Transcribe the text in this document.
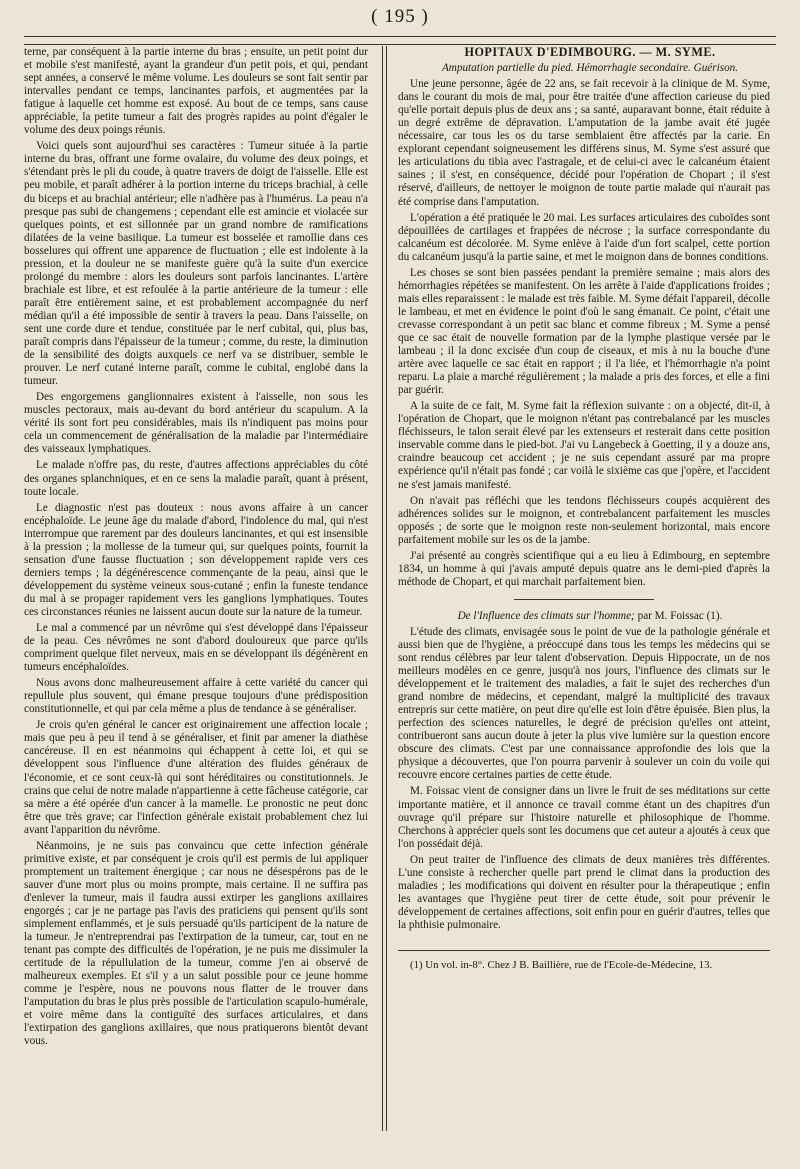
( 195 )

terne, par conséquent à la partie interne du bras ; ensuite, un petit point dur et mobile s'est manifesté, ayant la grandeur d'un petit pois, et qui, pendant sept années, a conservé le même volume. Les douleurs se sont fait sentir par intervalles pendant ce temps, lancinantes parfois, et augmentées par la fatigue à laquelle cet homme est exposé. Au bout de ce temps, sans cause appréciable, la petite tumeur a fait des progrès rapides au point d'égaler le volume des deux poings réunis.

Voici quels sont aujourd'hui ses caractères : Tumeur située à la partie interne du bras, offrant une forme ovalaire, du volume des deux poings, et s'étendant près le pli du coude, à quatre travers de doigt de l'aisselle. Elle est peu mobile, et paraît adhérer à la portion interne du triceps brachial, à celle du biceps et au brachial antérieur; elle n'adhère pas à l'humérus. La peau n'a presque pas subi de changemens ; cependant elle est amincie et violacée sur quelques points, et est sillonnée par un grand nombre de ramifications dilatées de la veine basilique. La tumeur est bosselée et ramollie dans ces bosselures qui offrent une apparence de fluctuation ; elle est indolente à la pression, et la douleur ne se manifeste guère qu'à la suite d'un exercice prolongé du membre : alors les douleurs sont parfois lancinantes. L'artère brachiale est libre, et est refoulée à la partie antérieure de la tumeur : elle paraît être entièrement saine, et est probablement accompagnée du nerf médian qu'il a été impossible de sentir à travers la peau. Dans l'aisselle, on sent une corde dure et tendue, constituée par le nerf cubital, qui, plus bas, paraît compris dans l'épaisseur de la tumeur ; comme, du reste, la diminution de la sensibilité des doigts auxquels ce nerf va se distribuer, semble le prouver. Le nerf cutané interne paraît, comme le cubital, englobé dans la tumeur.

Des engorgemens ganglionnaires existent à l'aisselle, non sous les muscles pectoraux, mais au-devant du bord antérieur du scapulum. A la vérité ils sont fort peu considérables, mais ils n'indiquent pas moins pour cela un commencement de généralisation de la maladie par l'intermédiaire des vaisseaux lymphatiques.

Le malade n'offre pas, du reste, d'autres affections appréciables du côté des organes splanchniques, et en ce sens la maladie paraît, quant à présent, toute locale.

Le diagnostic n'est pas douteux : nous avons affaire à un cancer encéphaloïde. Le jeune âge du malade d'abord, l'indolence du mal, qui n'est interrompue que rarement par des douleurs lancinantes, et qui est insensible à la pression ; la mollesse de la tumeur qui, sur quelques points, fournit la sensation d'une fausse fluctuation ; son développement rapide vers ces derniers temps ; la dégénérescence commençante de la peau, ainsi que le développement du système veineux sous-cutané ; enfin la funeste tendance du mal à se propager rapidement vers les ganglions lymphatiques. Toutes ces circonstances réunies ne laissent aucun doute sur la nature de la tumeur.

Le mal a commencé par un névrôme qui s'est développé dans l'épaisseur de la peau. Ces névrômes ne sont d'abord douloureux que parce qu'ils compriment quelque filet nerveux, mais en se développant ils dégénèrent en tumeurs encéphaloïdes.

Nous avons donc malheureusement affaire à cette variété du cancer qui repullule plus souvent, qui émane presque toujours d'une prédisposition constitutionnelle, et qui par cela même a plus de tendance à se généraliser.

Je crois qu'en général le cancer est originairement une affection locale ; mais que peu à peu il tend à se généraliser, et finit par amener la diathèse cancéreuse. Il en est néanmoins qui échappent à cette loi, et qui se développent sous l'influence d'une altération des fluides généraux de l'économie, et ce sont ceux-là qui sont héréditaires ou constitutionnels. Je crains que celui de notre malade n'appartienne à cette fâcheuse catégorie, car sa mère a été opérée d'un cancer à la mamelle. Le pronostic ne peut donc être que très grave; car l'infection générale existait probablement chez lui avant l'apparition du névrôme.

Néanmoins, je ne suis pas convaincu que cette infection générale primitive existe, et par conséquent je crois qu'il est permis de lui appliquer promptement un traitement énergique ; car nous ne désespérons pas de le sauver d'une mort plus ou moins prompte, mais certaine. Il ne suffira pas d'enlever la tumeur, mais il faudra aussi extirper les ganglions axillaires engorgés ; car je ne partage pas l'avis des praticiens qui pensent qu'ils sont simplement enflammés, et je suis persuadé qu'ils participent de la nature de la tumeur. Je n'entreprendrai pas l'extirpation de la tumeur, car, tout en ne tenant pas compte des difficultés de l'opération, je ne puis me dissimuler la certitude de la répullulation de la tumeur, comme j'en ai observé de malheureux exemples. Et s'il y a un salut possible pour ce jeune homme comme je l'espère, nous ne pouvons nous flatter de le trouver dans l'amputation du bras le plus près possible de l'articulation scapulo-humérale, et voire même dans la contiguïté des surfaces articulaires, et dans l'extirpation des ganglions axillaires, que nous pratiquerons bientôt devant vous.

HOPITAUX D'EDIMBOURG. — M. SYME.

Amputation partielle du pied. Hémorrhagie secondaire. Guérison.

Une jeune personne, âgée de 22 ans, se fait recevoir à la clinique de M. Syme, dans le courant du mois de mai, pour être traitée d'une affection carieuse du pied qu'elle portait depuis plus de deux ans ; sa santé, auparavant bonne, était réduite à un degré extrême de dépravation. L'amputation de la jambe avait été jugée nécessaire, car tous les os du tarse semblaient être affectés par la carie. En explorant cependant soigneusement les différens sinus, M. Syme s'est assuré que les articulations du tibia avec l'astragale, et de celui-ci avec le calcanéum étaient saines ; il s'est, en conséquence, décidé pour l'opération de Chopart ; il s'est réservé, d'ailleurs, de nettoyer le moignon de toute partie malade qui n'aurait pas été comprise dans l'amputation.

L'opération a été pratiquée le 20 mai. Les surfaces articulaires des cuboïdes sont dépouillées de cartilages et frappées de nécrose ; la surface correspondante du calcanéum est décolorée. M. Syme enlève à l'aide d'un fort scalpel, cette portion du calcanéum jusqu'à la partie saine, et met le moignon dans de bonnes conditions.

Les choses se sont bien passées pendant la première semaine ; mais alors des hémorrhagies répétées se manifestent. On les arrête à l'aide d'applications froides ; mais elles reparaissent : le malade est très faible. M. Syme défait l'appareil, décolle le lambeau, et met en évidence le point d'où le sang émanait. Ce point, c'était une crevasse correspondant à un petit sac blanc et comme fibreux ; M. Syme a pensé que ce sac était de nouvelle formation par de la lymphe plastique versée par le lambeau ; il la donc excisée d'un coup de ciseaux, et mis à nu la bouche d'une artère avec laquelle ce sac était en rapport ; il l'a liée, et l'hémorrhagie n'a point reparu. La plaie a marché régulièrement ; la malade a pris des forces, et elle a fini par guérir.

A la suite de ce fait, M. Syme fait la réflexion suivante : on a objecté, dit-il, à l'opération de Chopart, que le moignon n'étant pas contrebalancé par les muscles fléchisseurs, le talon serait élevé par les extenseurs et resterait dans cette position inservable comme dans le pied-bot. J'ai vu Langebeck à Goetting, il y a douze ans, craindre beaucoup cet accident ; je ne suis cependant assuré par ma propre expérience qu'il n'était pas fondé ; car voilà le sixième cas que j'opère, et l'accident ne s'est jamais manifesté.

On n'avait pas réfléchi que les tendons fléchisseurs coupés acquièrent des adhérences solides sur le moignon, et contrebalancent parfaitement les muscles opposés ; de sorte que le moignon reste non-seulement horizontal, mais encore parfaitement mobile sur les os de la jambe.

J'ai présenté au congrès scientifique qui a eu lieu à Edimbourg, en septembre 1834, un homme à qui j'avais amputé depuis quatre ans le demi-pied d'après la méthode de Chopart, et qui marchait parfaitement bien.

De l'Influence des climats sur l'homme; par M. Foissac (1).

L'étude des climats, envisagée sous le point de vue de la pathologie générale et aussi bien que de l'hygiène, a préoccupé dans tous les temps les médecins qui se sont rendus célèbres par leur talent d'observation. Depuis Hippocrate, un de nos meilleurs modèles en ce genre, jusqu'à nos jours, l'influence des climats sur le développement et le traitement des maladies, a fait le sujet des recherches d'un grand nombre de médecins, et cependant, malgré la multiplicité des travaux entrepris sur cette matière, on peut dire qu'elle est loin d'être épuisée. Bien plus, la perfection des sciences naturelles, le degré de précision qu'elles ont atteint, contribueront sans aucun doute à jeter la plus vive lumière sur la question encore obscure des climats. C'est par une connaissance approfondie des lois que la physique a découvertes, que l'on pourra parvenir à soulever un coin du voile qui recouvre encore certaines parties de cette étude.

M. Foissac vient de consigner dans un livre le fruit de ses méditations sur cette importante matière, et il annonce ce travail comme étant un des chapitres d'un ouvrage qu'il prépare sur l'histoire naturelle et philosophique de l'homme. Cherchons à apprécier quels sont les documens que cet auteur a ajoutés à ceux que l'on possédait déjà.

On peut traiter de l'influence des climats de deux manières très différentes. L'une consiste à rechercher quelle part prend le climat dans la production des maladies ; les modifications qui doivent en résulter pour la thérapeutique ; enfin les avantages que l'hygiène peut tirer de cette étude, soit pour prévenir le développement de certaines affections, soit enfin pour en guérir d'autres, telles que la phthisie pulmonaire.

(1) Un vol. in-8°. Chez J B. Baillière, rue de l'Ecole-de-Médecine, 13.
